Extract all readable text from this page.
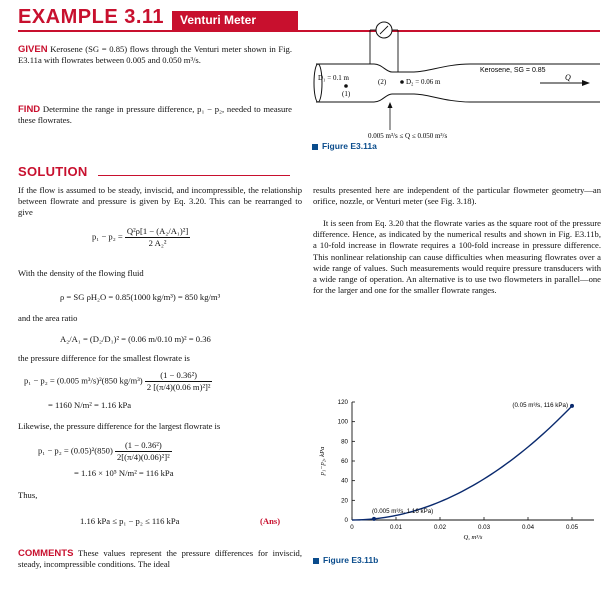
EXAMPLE 3.11	Venturi Meter
GIVEN Kerosene (SG = 0.85) flows through the Venturi meter shown in Fig. E3.11a with flowrates between 0.005 and 0.050 m³/s.
FIND Determine the range in pressure difference, p₁ − p₂, needed to measure these flowrates.
D₁ = 0.1 m
(1)
(2)	D₂ = 0.06 m
Kerosene, SG = 0.85
Q
0.005 m³/s ≤ Q ≤ 0.050 m³/s
Figure E3.11a
SOLUTION
If the flow is assumed to be steady, inviscid, and incompressible, the relationship between flowrate and pressure is given by Eq. 3.20. This can be rearranged to give
$p_1 - p_2 = \frac{\text{Q²ρ[1 − (A₂/A₁)²]}}{\text{2 A₂²}}$
With the density of the flowing fluid
ρ = SG ρH₂O = 0.85(1000 kg/m³) = 850 kg/m³
and the area ratio
A₂/A₁ = (D₂/D₁)² = (0.06 m/0.10 m)² = 0.36
the pressure difference for the smallest flowrate is
p₁ − p₂ = (0.005 m³/s)²(850 $kg/m^3) \frac{\text{(1 − 0.36²)}}{\text{2 [(π/4)(0.06 m)²]²}}$
= 1160 N/m² = 1.16 kPa
Likewise, the pressure difference for the largest flowrate is
$p_1 - p_2 = (0.05)^2(850) \frac{\text{(1 − 0.36²)}}{\text{2[(π/4)(0.06)²]²}}$
= 1.16 × 10⁵ N/m² = 116 kPa
Thus,
1.16 kPa ≤ p₁ − p₂ ≤ 116 kPa	(Ans)
COMMENTS These values represent the pressure differences for inviscid, steady, incompressible conditions. The ideal
results presented here are independent of the particular flowmeter geometry—an orifice, nozzle, or Venturi meter (see Fig. 3.18).
It is seen from Eq. 3.20 that the flowrate varies as the square root of the pressure difference. Hence, as indicated by the numerical results and shown in Fig. E3.11b, a 10-fold increase in flowrate requires a 100-fold increase in pressure difference. This nonlinear relationship can cause difficulties when measuring flowrates over a wide range of values. Such measurements would require pressure transducers with a wide range of operation. An alternative is to use two flowmeters in parallel—one for the larger and one for the smaller flowrate ranges.
0
20
40
60
80
100
120
0	0.01	0.02	0.03	0.04	0.05
(0.05 m³/s, 116 kPa)
(0.005 m³/s, 1.16 kPa)
Q, m³/s
p₁−p₂, kPa
Figure E3.11b
